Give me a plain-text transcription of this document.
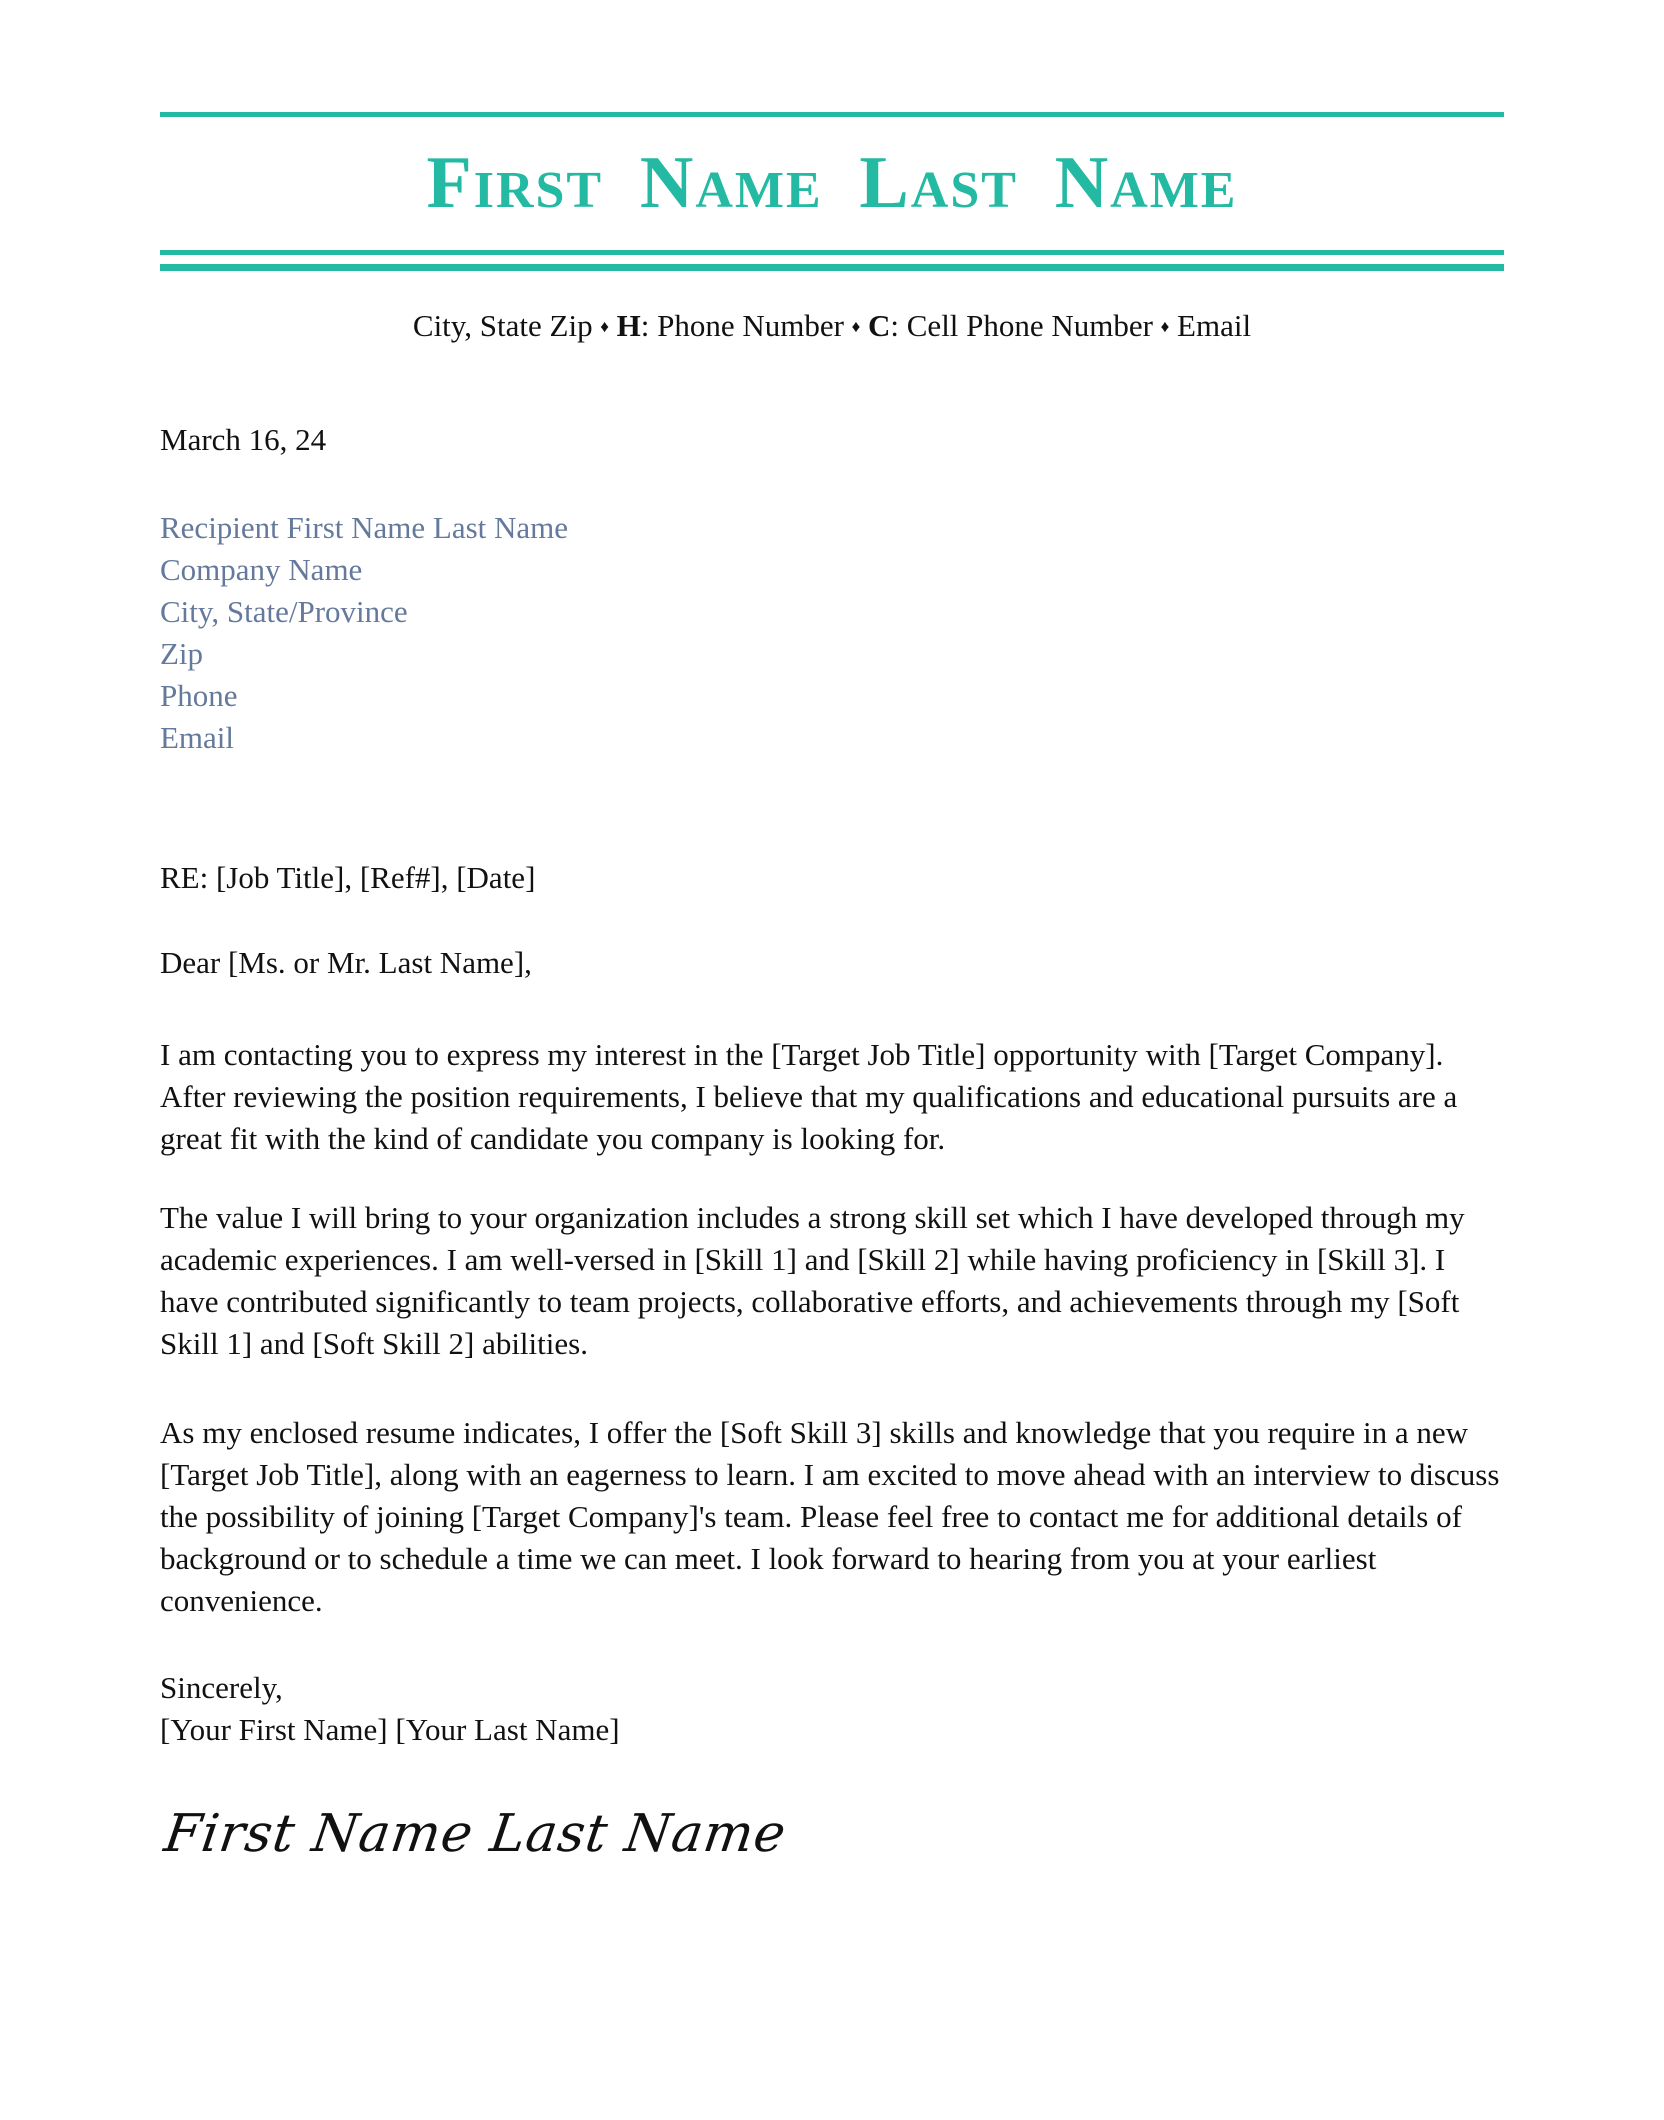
First Name Last Name

City, State Zip ♦ H: Phone Number ♦ C: Cell Phone Number ♦ Email

March 16, 24

Recipient First Name Last Name
Company Name
City, State/Province
Zip
Phone
Email

RE: [Job Title], [Ref#], [Date]

Dear [Ms. or Mr. Last Name],

I am contacting you to express my interest in the [Target Job Title] opportunity with [Target Company]. After reviewing the position requirements, I believe that my qualifications and educational pursuits are a great fit with the kind of candidate you company is looking for.

The value I will bring to your organization includes a strong skill set which I have developed through my academic experiences. I am well-versed in [Skill 1] and [Skill 2] while having proficiency in [Skill 3]. I have contributed significantly to team projects, collaborative efforts, and achievements through my [Soft Skill 1] and [Soft Skill 2] abilities.

As my enclosed resume indicates, I offer the [Soft Skill 3] skills and knowledge that you require in a new [Target Job Title], along with an eagerness to learn. I am excited to move ahead with an interview to discuss the possibility of joining [Target Company]'s team. Please feel free to contact me for additional details of background or to schedule a time we can meet. I look forward to hearing from you at your earliest convenience.

Sincerely,

[Your First Name] [Your Last Name]

First Name Last Name
